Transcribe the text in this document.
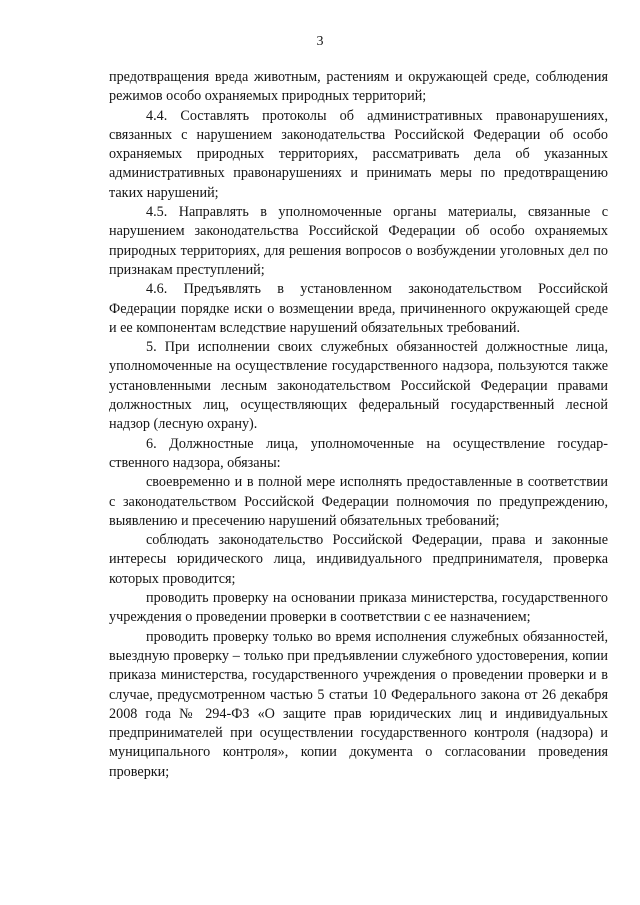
3

предотвращения вреда животным, растениям и окружающей среде, соблюдения режимов особо охраняемых природных территорий;

4.4. Составлять протоколы об административных правонарушениях, связанных с нарушением законодательства Российской Федерации об особо охраняемых природных территориях, рассматривать дела об указанных административных правонарушениях и принимать меры по предотвращению таких нарушений;

4.5. Направлять в уполномоченные органы материалы, связанные с нарушением законодательства Российской Федерации об особо охраняемых природных территориях, для решения вопросов о возбуждении уголовных дел по признакам преступлений;

4.6. Предъявлять в установленном законодательством Российской Федерации порядке иски о возмещении вреда, причиненного окружающей среде и ее компонентам вследствие нарушений обязательных требований.

5. При исполнении своих служебных обязанностей должностные лица, уполномоченные на осуществление государственного надзора, пользуются также установленными лесным законодательством Российской Федерации правами должностных лиц, осуществляющих федеральный государственный лесной надзор (лесную охрану).

6. Должностные лица, уполномоченные на осуществление государственного надзора, обязаны:

своевременно и в полной мере исполнять предоставленные в соответствии с законодательством Российской Федерации полномочия по предупреждению, выявлению и пресечению нарушений обязательных требований;

соблюдать законодательство Российской Федерации, права и законные интересы юридического лица, индивидуального предпринимателя, проверка которых проводится;

проводить проверку на основании приказа министерства, государственного учреждения о проведении проверки в соответствии с ее назначением;

проводить проверку только во время исполнения служебных обязанностей, выездную проверку – только при предъявлении служебного удостоверения, копии приказа министерства, государственного учреждения о проведении проверки и в случае, предусмотренном частью 5 статьи 10 Федерального закона от 26 декабря 2008 года № 294-ФЗ «О защите прав юридических лиц и индивидуальных предпринимателей при осуществлении государственного контроля (надзора) и муниципального контроля», копии документа о согласовании проведения проверки;
